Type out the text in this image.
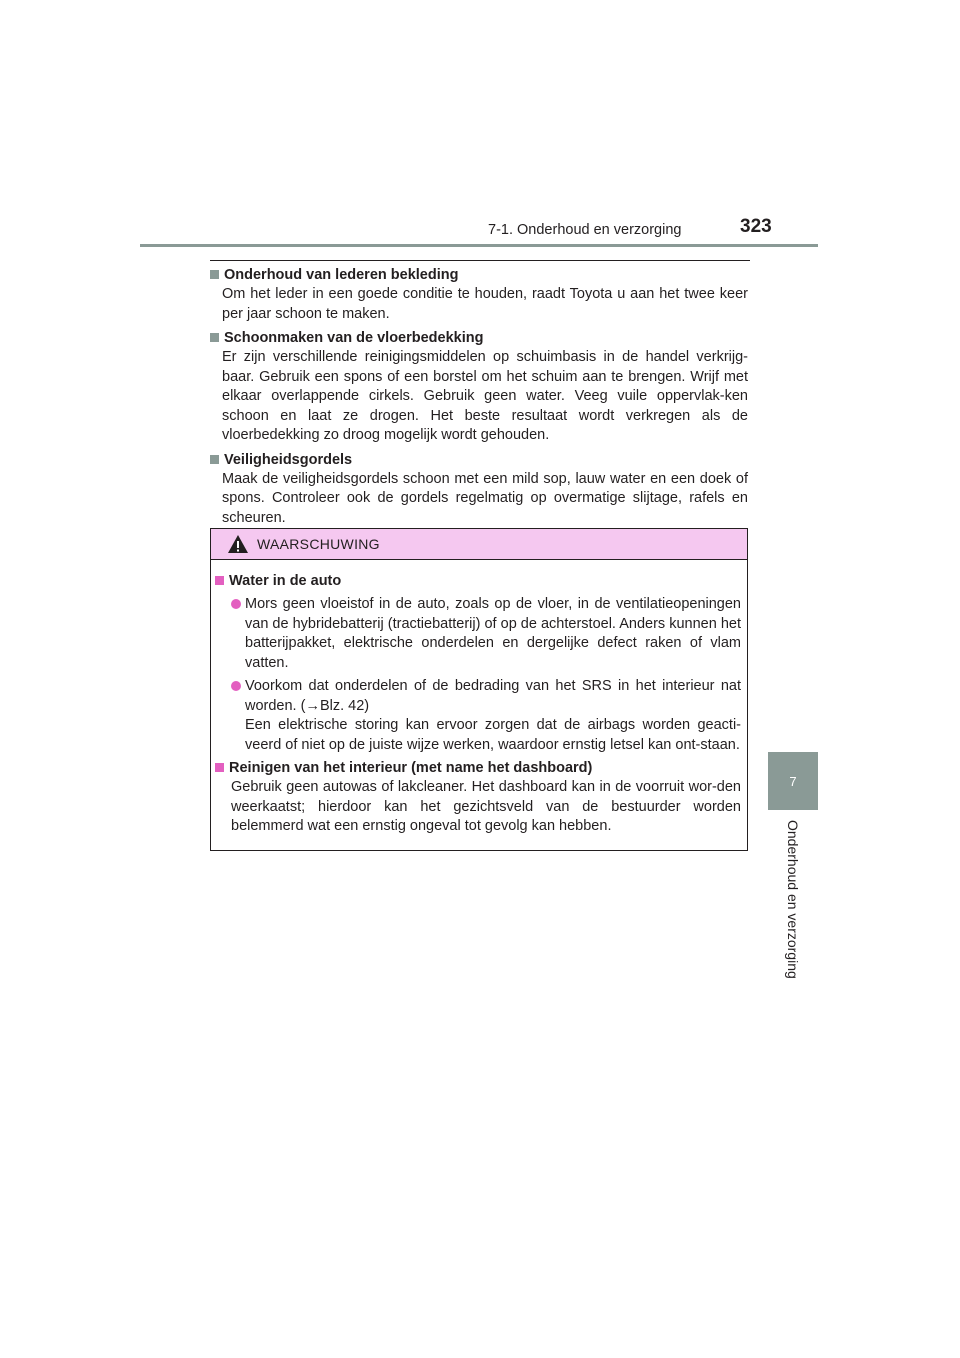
7-1. Onderhoud en verzorging	323
7
Onderhoud en verzorging
Onderhoud van lederen bekleding
Om het leder in een goede conditie te houden, raadt Toyota u aan het twee keer per jaar schoon te maken.
Schoonmaken van de vloerbedekking
Er zijn verschillende reinigingsmiddelen op schuimbasis in de handel verkrijg-baar. Gebruik een spons of een borstel om het schuim aan te brengen. Wrijf met elkaar overlappende cirkels. Gebruik geen water. Veeg vuile oppervlak-ken schoon en laat ze drogen. Het beste resultaat wordt verkregen als de vloerbedekking zo droog mogelijk wordt gehouden.
Veiligheidsgordels
Maak de veiligheidsgordels schoon met een mild sop, lauw water en een doek of spons. Controleer ook de gordels regelmatig op overmatige slijtage, rafels en scheuren.
WAARSCHUWING
Water in de auto
Mors geen vloeistof in de auto, zoals op de vloer, in de ventilatieopeningen van de hybridebatterij (tractiebatterij) of op de achterstoel. Anders kunnen het batterijpakket, elektrische onderdelen en dergelijke defect raken of vlam vatten.
Voorkom dat onderdelen of de bedrading van het SRS in het interieur nat worden. (→Blz. 42)
Een elektrische storing kan ervoor zorgen dat de airbags worden geacti-veerd of niet op de juiste wijze werken, waardoor ernstig letsel kan ont-staan.
Reinigen van het interieur (met name het dashboard)
Gebruik geen autowas of lakcleaner. Het dashboard kan in de voorruit wor-den weerkaatst; hierdoor kan het gezichtsveld van de bestuurder worden belemmerd wat een ernstig ongeval tot gevolg kan hebben.
